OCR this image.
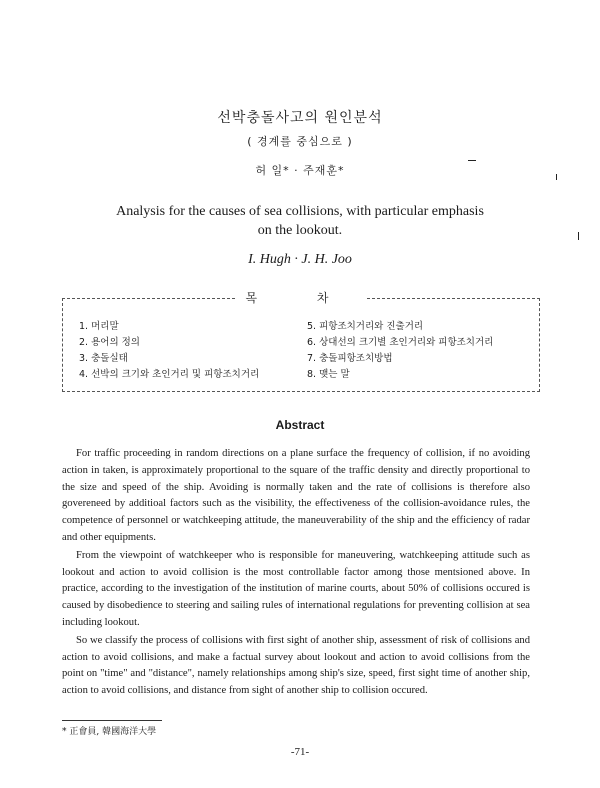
선박충돌사고의 원인분석
( 경계를 중심으로 )
허 일* · 주재훈*
Analysis for the causes of sea collisions, with particular emphasis
on the lookout.
I. Hugh · J. H. Joo
목 차
1. 머리말
2. 용어의 정의
3. 충돌실태
4. 선박의 크기와 초인거리 및 피항조치거리
5. 피항조치거리와 진출거리
6. 상대선의 크기별 초인거리와 피항조치거리
7. 충돌피항조치방법
8. 맺는 말
Abstract

For traffic proceeding in random directions on a plane surface the frequency of collision, if no avoiding action in taken, is approximately proportional to the square of the traffic density and directly proportional to the size and speed of the ship. Avoiding is normally taken and the rate of collisions is therefore also govereneed by additioal factors such as the visibility, the effectiveness of the collision-avoidance rules, the competence of personnel or watchkeeping attitude, the maneuverability of the ship and the efficiency of radar and other equipments.

From the viewpoint of watchkeeper who is responsible for maneuvering, watchkeeping attitude such as lookout and action to avoid collision is the most controllable factor among those mentsioned above. In practice, according to the investigation of the institution of marine courts, about 50% of collisions occured is caused by disobedience to steering and sailing rules of international regulations for preventing collision at sea including lookout.

So we classify the process of collisions with first sight of another ship, assessment of risk of collisions and action to avoid collisions, and make a factual survey about lookout and action to avoid collisions from the point on "time" and "distance", namely relationships among ship's size, speed, first sight time of another ship, action to avoid collisions, and distance from sight of another ship to collision occured.

* 正會員, 韓國海洋大學
-71-
